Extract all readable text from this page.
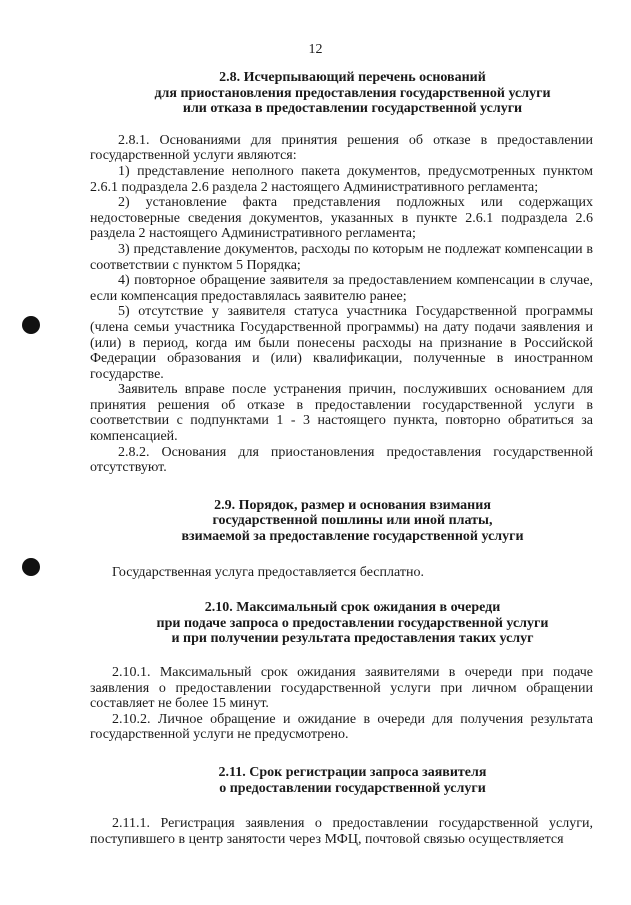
12
2.8. Исчерпывающий перечень оснований
для приостановления предоставления государственной услуги
или отказа в предоставлении государственной услуги

2.8.1. Основаниями для принятия решения об отказе в предоставлении государственной услуги являются:

1) представление неполного пакета документов, предусмотренных пунктом 2.6.1 подраздела 2.6 раздела 2 настоящего Административного регламента;

2) установление факта представления подложных или содержащих недостоверные сведения документов, указанных в пункте 2.6.1 подраздела 2.6 раздела 2 настоящего Административного регламента;

3) представление документов, расходы по которым не подлежат компенсации в соответствии с пунктом 5 Порядка;

4) повторное обращение заявителя за предоставлением компенсации в случае, если компенсация предоставлялась заявителю ранее;

5) отсутствие у заявителя статуса участника Государственной программы (члена семьи участника Государственной программы) на дату подачи заявления и (или) в период, когда им были понесены расходы на признание в Российской Федерации образования и (или) квалификации, полученные в иностранном государстве.

Заявитель вправе после устранения причин, послуживших основанием для принятия решения об отказе в предоставлении государственной услуги в соответствии с подпунктами 1 - 3 настоящего пункта, повторно обратиться за компенсацией.

2.8.2. Основания для приостановления предоставления государственной отсутствуют.

2.9. Порядок, размер и основания взимания
государственной пошлины или иной платы,
взимаемой за предоставление государственной услуги

Государственная услуга предоставляется бесплатно.

2.10. Максимальный срок ожидания в очереди
при подаче запроса о предоставлении государственной услуги
и при получении результата предоставления таких услуг

2.10.1. Максимальный срок ожидания заявителями в очереди при подаче заявления о предоставлении государственной услуги при личном обращении составляет не более 15 минут.

2.10.2. Личное обращение и ожидание в очереди для получения результата государственной услуги не предусмотрено.

2.11. Срок регистрации запроса заявителя
о предоставлении государственной услуги

2.11.1. Регистрация заявления о предоставлении государственной услуги, поступившего в центр занятости через МФЦ, почтовой связью осуществляется
